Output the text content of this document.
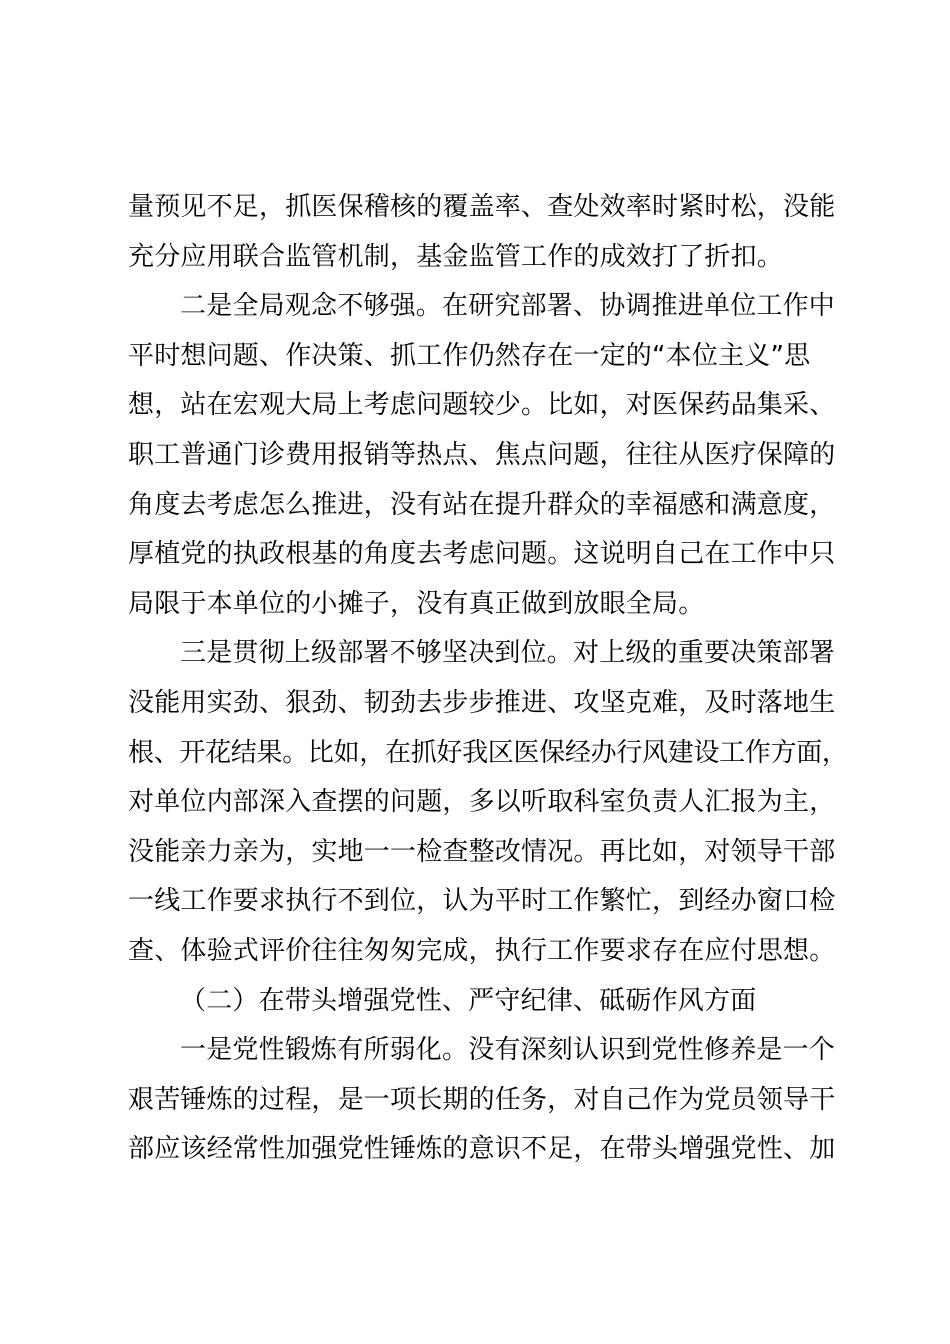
量预见不足，抓医保稽核的覆盖率、查处效率时紧时松，没能
充分应用联合监管机制，基金监管工作的成效打了折扣。
二是全局观念不够强。在研究部署、协调推进单位工作中
平时想问题、作决策、抓工作仍然存在一定的“本位主义”思
想，站在宏观大局上考虑问题较少。比如，对医保药品集采、
职工普通门诊费用报销等热点、焦点问题，往往从医疗保障的
角度去考虑怎么推进，没有站在提升群众的幸福感和满意度，
厚植党的执政根基的角度去考虑问题。这说明自己在工作中只
局限于本单位的小摊子，没有真正做到放眼全局。
三是贯彻上级部署不够坚决到位。对上级的重要决策部署
没能用实劲、狠劲、韧劲去步步推进、攻坚克难，及时落地生
根、开花结果。比如，在抓好我区医保经办行风建设工作方面，
对单位内部深入查摆的问题，多以听取科室负责人汇报为主，
没能亲力亲为，实地一一检查整改情况。再比如，对领导干部
一线工作要求执行不到位，认为平时工作繁忙，到经办窗口检
查、体验式评价往往匆匆完成，执行工作要求存在应付思想。
（二）在带头增强党性、严守纪律、砥砺作风方面
一是党性锻炼有所弱化。没有深刻认识到党性修养是一个
艰苦锤炼的过程，是一项长期的任务，对自己作为党员领导干
部应该经常性加强党性锤炼的意识不足，在带头增强党性、加
